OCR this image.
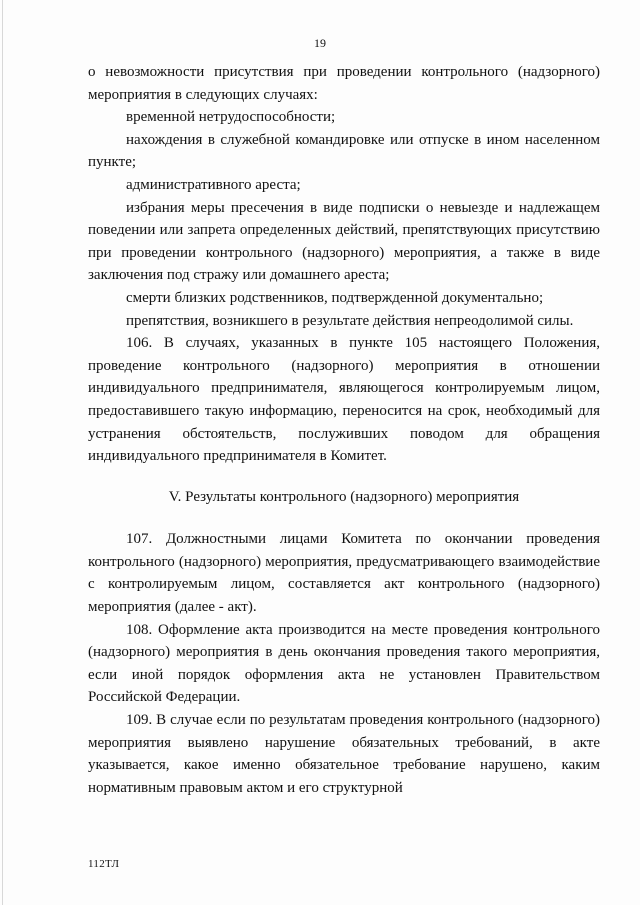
19

о невозможности присутствия при проведении контрольного (надзорного) мероприятия в следующих случаях:

временной нетрудоспособности;

нахождения в служебной командировке или отпуске в ином населенном пункте;

административного ареста;

избрания меры пресечения в виде подписки о невыезде и надлежащем поведении или запрета определенных действий, препятствующих присутствию при проведении контрольного (надзорного) мероприятия, а также в виде заключения под стражу или домашнего ареста;

смерти близких родственников, подтвержденной документально;

препятствия, возникшего в результате действия непреодолимой силы.

106. В случаях, указанных в пункте 105 настоящего Положения, проведение контрольного (надзорного) мероприятия в отношении индивидуального предпринимателя, являющегося контролируемым лицом, предоставившего такую информацию, переносится на срок, необходимый для устранения обстоятельств, послуживших поводом для обращения индивидуального предпринимателя в Комитет.

V. Результаты контрольного (надзорного) мероприятия

107. Должностными лицами Комитета по окончании проведения контрольного (надзорного) мероприятия, предусматривающего взаимодействие с контролируемым лицом, составляется акт контрольного (надзорного) мероприятия (далее - акт).

108. Оформление акта производится на месте проведения контрольного (надзорного) мероприятия в день окончания проведения такого мероприятия, если иной порядок оформления акта не установлен Правительством Российской Федерации.

109. В случае если по результатам проведения контрольного (надзорного) мероприятия выявлено нарушение обязательных требований, в акте указывается, какое именно обязательное требование нарушено, каким нормативным правовым актом и его структурной

112ТЛ
